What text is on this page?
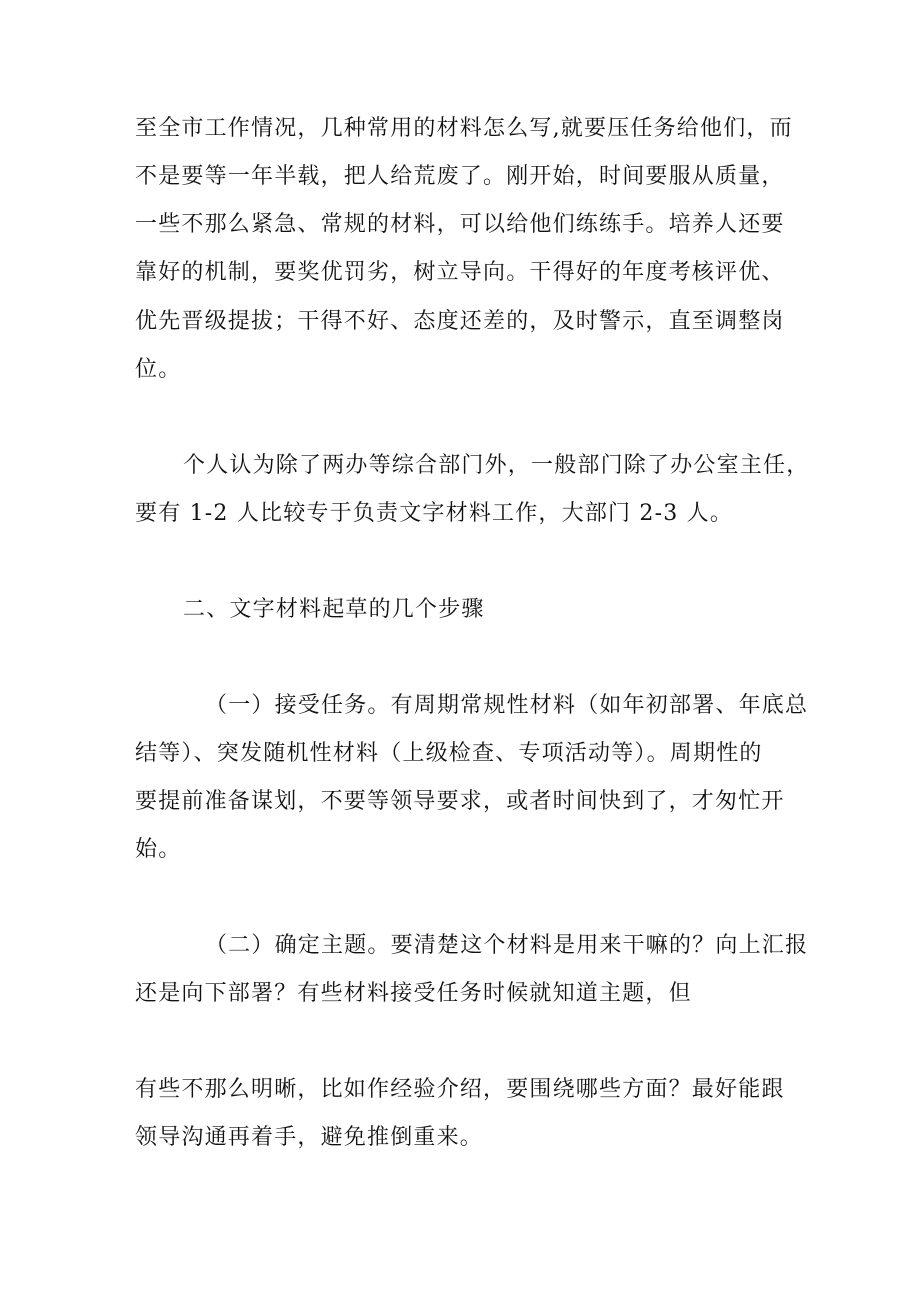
至全市工作情况，几种常用的材料怎么写,就要压任务给他们，而
不是要等一年半载，把人给荒废了。刚开始，时间要服从质量，
一些不那么紧急、常规的材料，可以给他们练练手。培养人还要
靠好的机制，要奖优罚劣，树立导向。干得好的年度考核评优、
优先晋级提拔；干得不好、态度还差的，及时警示，直至调整岗
位。
个人认为除了两办等综合部门外，一般部门除了办公室主任，
要有 1-2 人比较专于负责文字材料工作，大部门 2-3 人。
二、文字材料起草的几个步骤
（一）接受任务。有周期常规性材料（如年初部署、年底总
结等）、突发随机性材料（上级检查、专项活动等）。周期性的
要提前准备谋划，不要等领导要求，或者时间快到了，才匆忙开
始。
（二）确定主题。要清楚这个材料是用来干嘛的？向上汇报
还是向下部署？有些材料接受任务时候就知道主题，但
有些不那么明晰，比如作经验介绍，要围绕哪些方面？最好能跟
领导沟通再着手，避免推倒重来。
